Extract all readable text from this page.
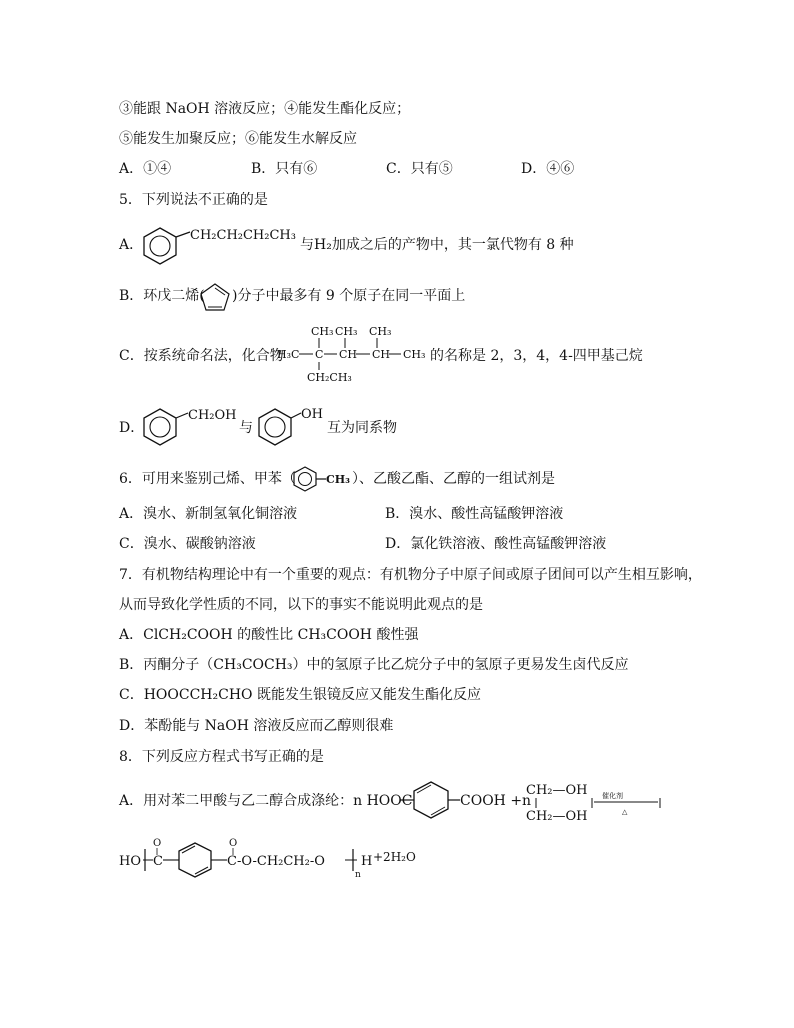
③能跟 NaOH 溶液反应；④能发生酯化反应；
⑤能发生加聚反应；⑥能发生水解反应
A．①④	B．只有⑥	C．只有⑤	D．④⑥
5．下列说法不正确的是
A．
CH₂CH₂CH₂CH₃
与H₂加成之后的产物中，其一氯代物有 8 种
B．环戊二烯( )分子中最多有 9 个原子在同一平面上
C．按系统命名法，化合物
CH₃ CH₃ CH₃
H₃C C CH CH CH₃
CH₂CH₃
的名称是 2，3，4，4-四甲基己烷
D．
CH₂OH
与
OH
互为同系物
6．可用来鉴别己烯、甲苯（	CH₃ ）、乙酸乙酯、乙醇的一组试剂是
A．溴水、新制氢氧化铜溶液	B．溴水、酸性高锰酸钾溶液
C．溴水、碳酸钠溶液	D．氯化铁溶液、酸性高锰酸钾溶液
7．有机物结构理论中有一个重要的观点：有机物分子中原子间或原子团间可以产生相互影响，
从而导致化学性质的不同，以下的事实不能说明此观点的是
A．ClCH₂COOH 的酸性比 CH₃COOH 酸性强
B．丙酮分子（CH₃COCH₃）中的氢原子比乙烷分子中的氢原子更易发生卤代反应
C．HOOCCH₂CHO 既能发生银镜反应又能发生酯化反应
D．苯酚能与 NaOH 溶液反应而乙醇则很难
8．下列反应方程式书写正确的是
A．用对苯二甲酸与乙二醇合成涤纶：n HOOC	COOH +n
CH₂—OH
CH₂—OH
催化剂
△
HO
O
C
O
C-O-CH₂CH₂-O
n
H +2H₂O
